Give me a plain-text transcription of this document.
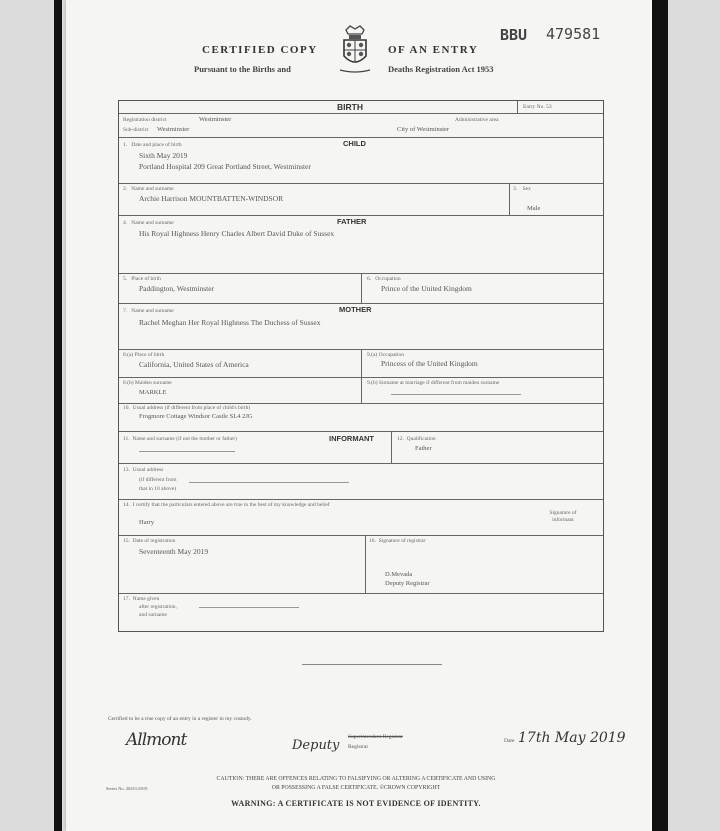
CERTIFIED COPY	OF AN ENTRY
Pursuant to the Births and	Deaths Registration Act 1953
BBU 479581
BIRTH	Entry No. 53
Registration district	Westminster	Administrative area
Sub-district Westminster	City of Westminster
CHILD
1.   Date and place of birth
Sixth May 2019
Portland Hospital 209 Great Portland Street, Westminster
2.   Name and surname
Archie Harrison MOUNTBATTEN-WINDSOR
3.    Sex
Male
FATHER
4.   Name and surname
His Royal Highness Henry Charles Albert David Duke of Sussex
5.   Place of birth
Paddington, Westminster
6.   Occupation
Prince of the United Kingdom
MOTHER
7.   Name and surname
Rachel Meghan Her Royal Highness The Duchess of Sussex
8.(a) Place of birth
California, United States of America
9.(a) Occupation
Princess of the United Kingdom
8.(b) Maiden surname
MARKLE
9.(b) Surname at marriage if different from maiden surname
10.  Usual address (if different from place of child's birth)
Frogmore Cottage Windsor Castle SL4 2JG
INFORMANT
11.  Name and surname (if not the mother or father)	12.  Qualification
Father
13.  Usual address
(if different from
that in 10 above)
14.  I certify that the particulars entered above are true to the best of my knowledge and belief
Signature of informant
Harry
15.  Date of registration
Seventeenth May 2019
16.  Signature of registrar
D.Mevada
Deputy Registrar
17.  Name given
after registration,
and surname
Certified to be a true copy of an entry in a register in my custody.
Allmont	Deputy
Superintendent Registrar
Registrar
Date 17th May 2019
CAUTION: THERE ARE OFFENCES RELATING TO FALSIFYING OR ALTERING A CERTIFICATE AND USING
OR POSSESSING A FALSE CERTIFICATE. ©CROWN COPYRIGHT
Series No. 20451/2019
WARNING: A CERTIFICATE IS NOT EVIDENCE OF IDENTITY.
